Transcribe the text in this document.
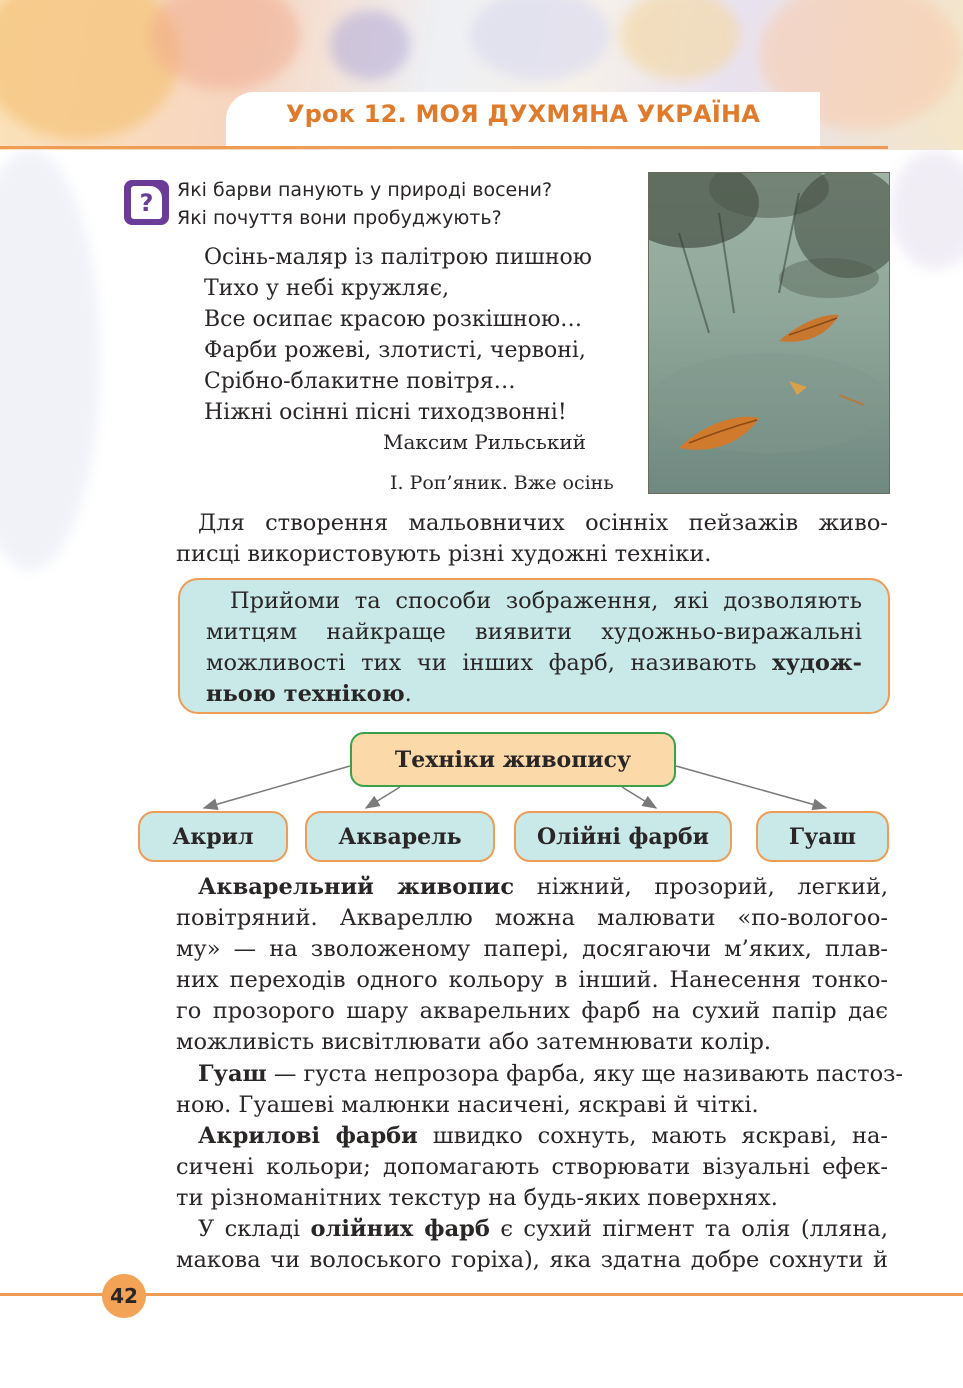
Урок 12. МОЯ ДУХМЯНА УКРАЇНА
?	Які барви панують у природі восени?
Які почуття вони пробуджують?
Осінь-маляр із палітрою пишною
Тихо у небі кружляє,
Все осипає красою розкішною…
Фарби рожеві, злотисті, червоні,
Срібно-блакитне повітря…
Ніжні осінні пісні тиходзвонні!
Максим Рильський
І. Роп’яник. Вже осінь
Для створення мальовничих осінніх пейзажів живо-
писці використовують різні художні техніки.
Прийоми та способи зображення, які дозволяють
митцям найкраще виявити художньо-виражальні
можливості тих чи інших фарб, називають худож-
ньою технікою.
Техніки живопису
Акрил	Акварель	Олійні фарби	Гуаш
Акварельний живопис ніжний, прозорий, легкий,
повітряний. Аквареллю можна малювати «по-вологоо-
му» — на зволоженому папері, досягаючи м’яких, плав-
них переходів одного кольору в інший. Нанесення тонко-
го прозорого шару акварельних фарб на сухий папір дає
можливість висвітлювати або затемнювати колір.
Гуаш — густа непрозора фарба, яку ще називають пастоз-
ною. Гуашеві малюнки насичені, яскраві й чіткі.
Акрилові фарби швидко сохнуть, мають яскраві, на-
сичені кольори; допомагають створювати візуальні ефек-
ти різноманітних текстур на будь-яких поверхнях.
У складі олійних фарб є сухий пігмент та олія (лляна,
макова чи волоського горіха), яка здатна добре сохнути й
42
